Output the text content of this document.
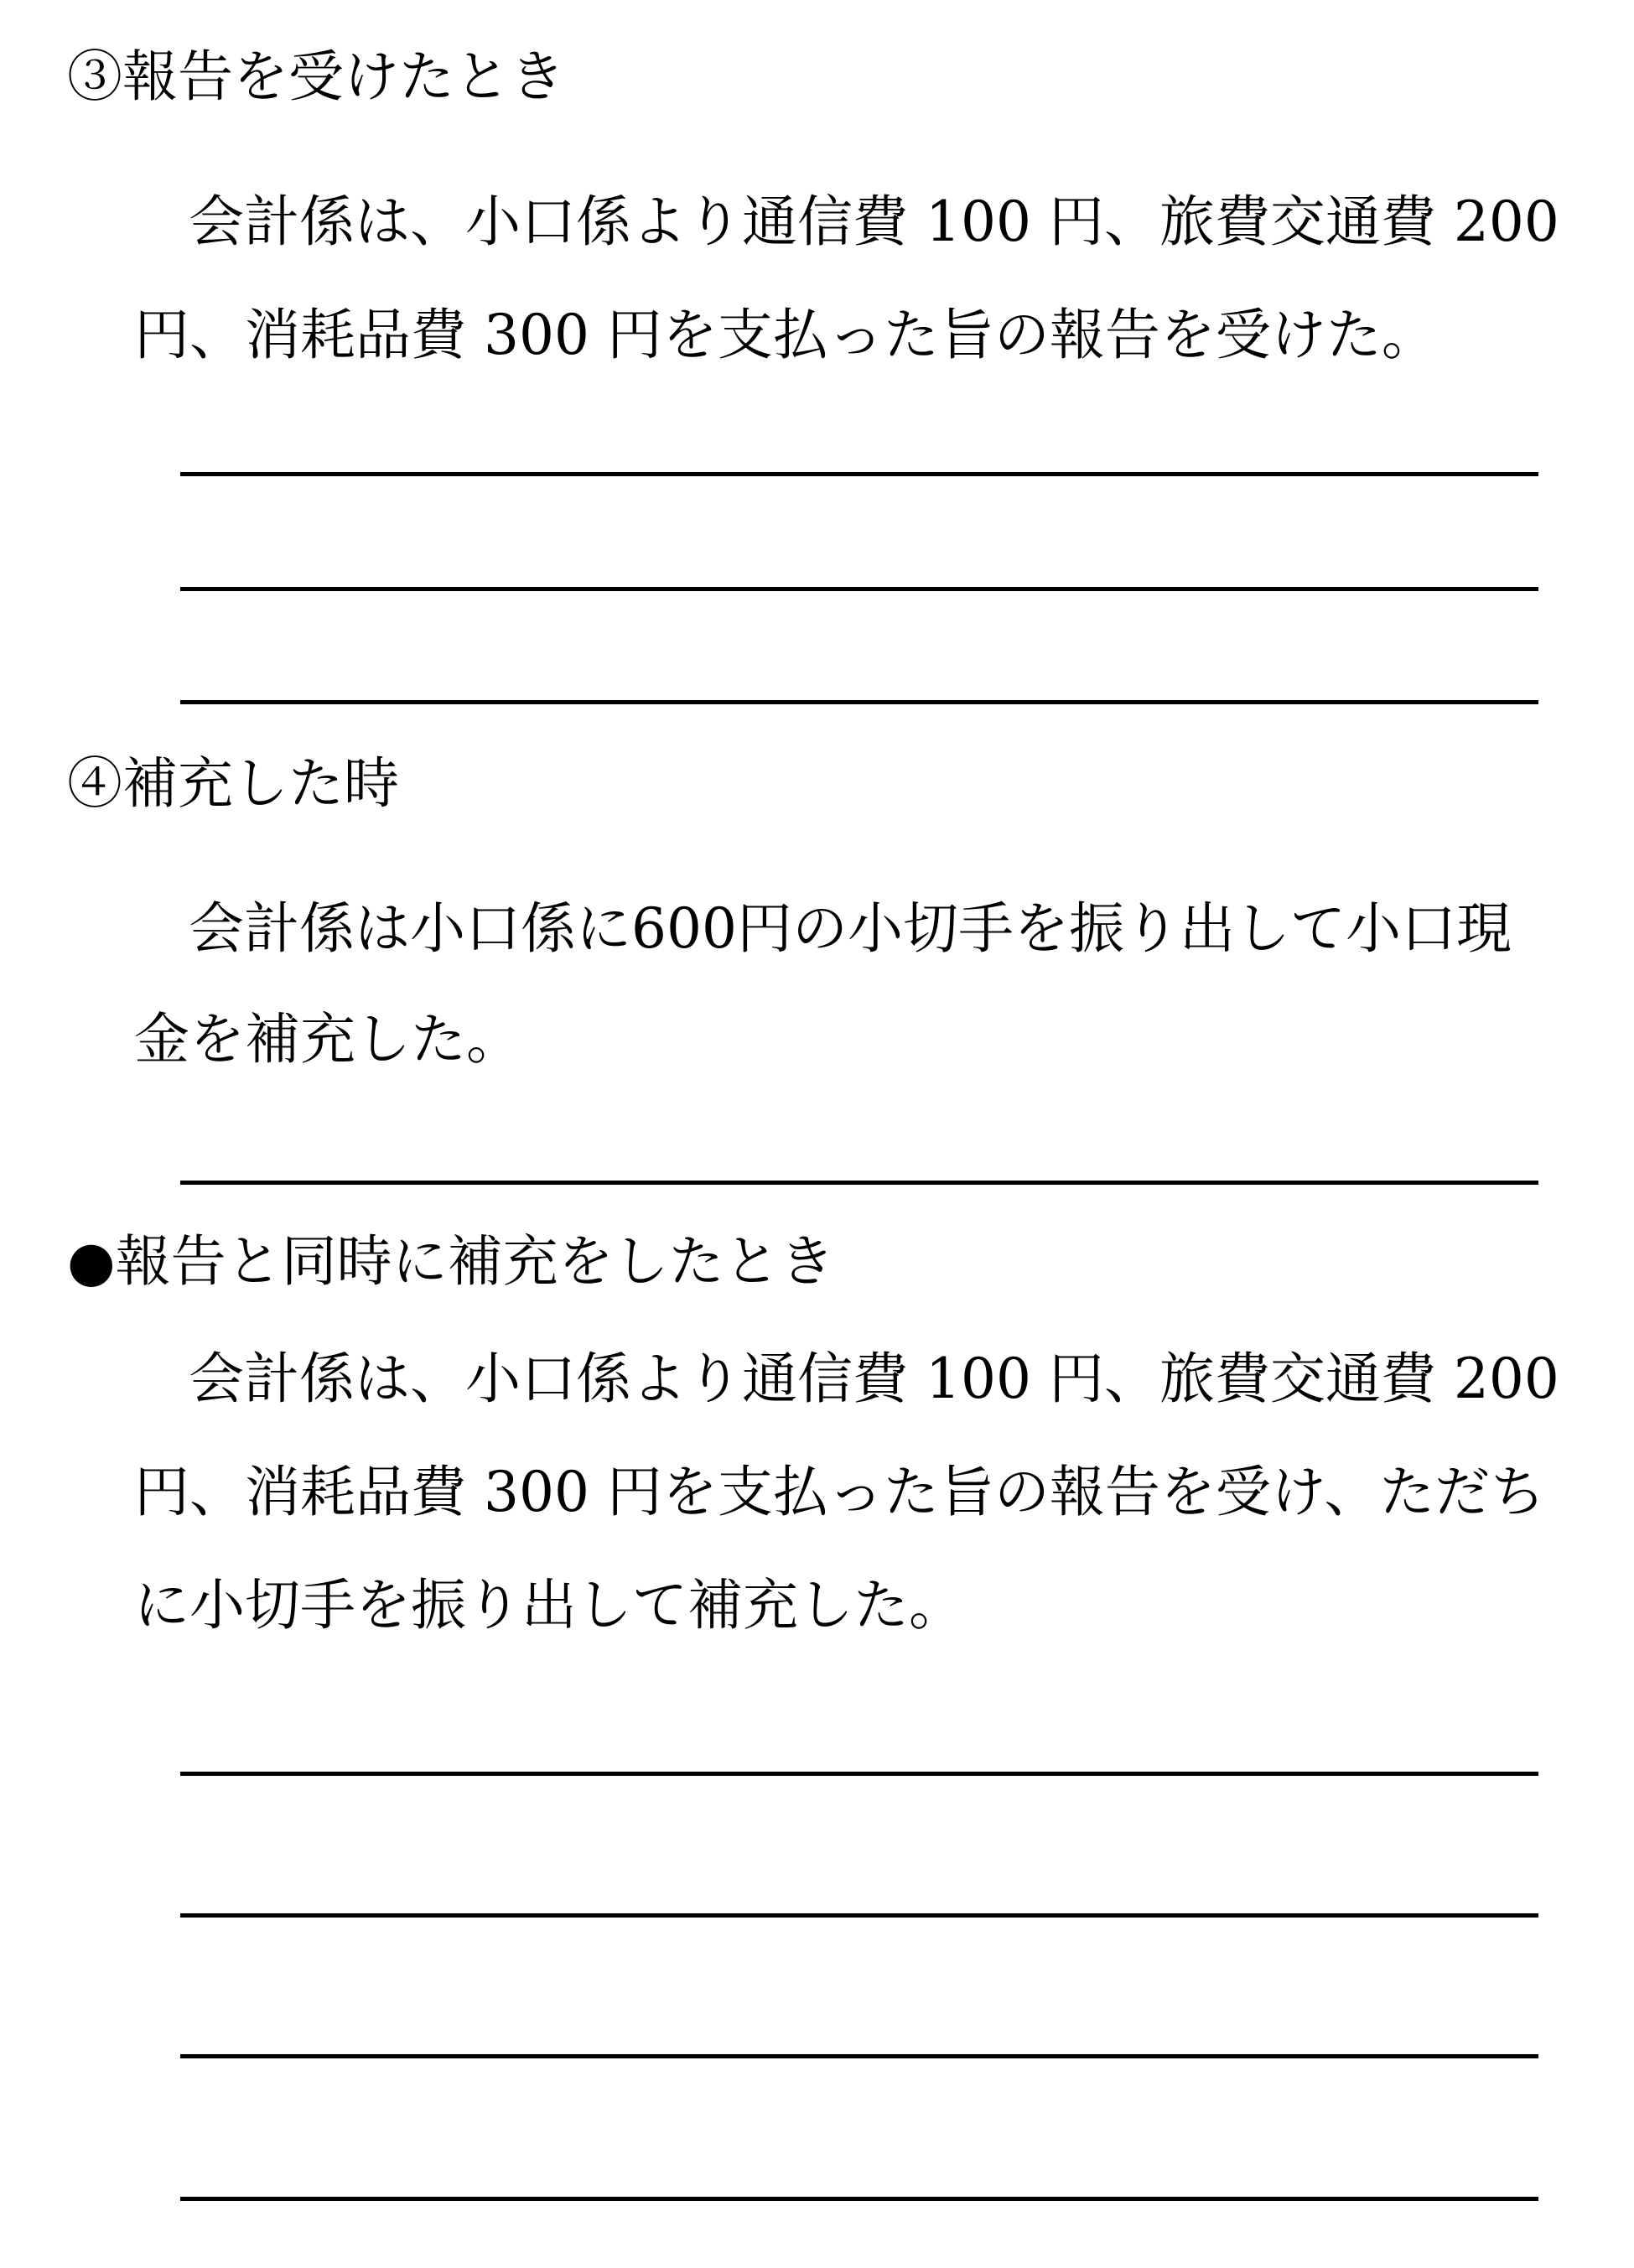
③報告を受けたとき
会計係は、小口係より通信費 100 円、旅費交通費 200
円、消耗品費 300 円を支払った旨の報告を受けた。
④補充した時
会計係は小口係に600円の小切手を振り出して小口現
金を補充した。
●報告と同時に補充をしたとき
会計係は、小口係より通信費 100 円、旅費交通費 200
円、消耗品費 300 円を支払った旨の報告を受け、ただち
に小切手を振り出して補充した。
